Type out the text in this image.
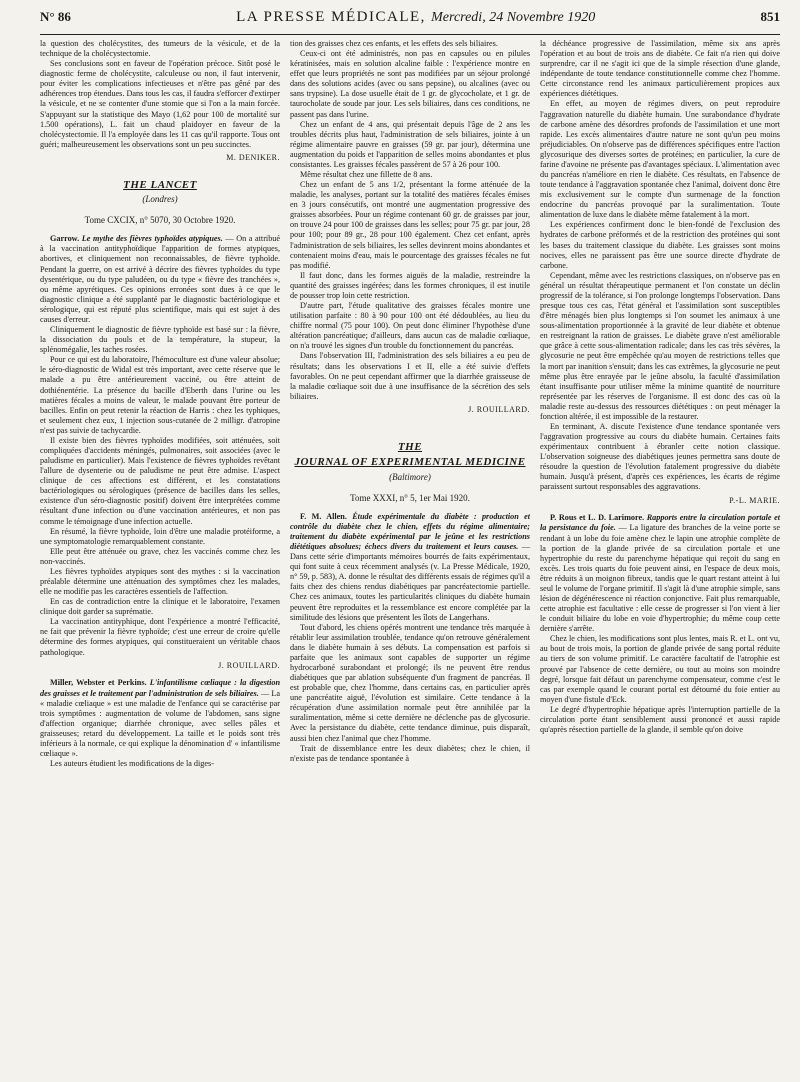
N° 86	LA PRESSE MÉDICALE, Mercredi, 24 Novembre 1920	851

la question des cholécystites, des tumeurs de la vésicule, et de la technique de la cholécystectomie.

Ses conclusions sont en faveur de l'opération précoce. Sitôt posé le diagnostic ferme de cholécystite, calculeuse ou non, il faut intervenir, pour éviter les complications infectieuses et n'être pas gêné par des adhérences trop étendues. Dans tous les cas, il faudra s'efforcer d'extirper la vésicule, et ne se contenter d'une stomie que si l'on a la main forcée. S'appuyant sur la statistique des Mayo (1,62 pour 100 de mortalité sur 1.500 opérations), L. fait un chaud plaidoyer en faveur de la cholécystectomie. Il l'a employée dans les 11 cas qu'il rapporte. Tous ont guéri; malheureusement les observations sont un peu succinctes.

M. DENIKER.
THE LANCET
(Londres)
Tome CXCIX, n° 5070, 30 Octobre 1920.

Garrow. Le mythe des fièvres typhoïdes atypiques. — On a attribué à la vaccination antityphoïdique l'apparition de formes atypiques, abortives, et cliniquement non reconnaissables, de fièvre typhoïde. Pendant la guerre, on est arrivé à décrire des fièvres typhoïdes du type dysentérique, ou du type paludéen, ou du type « fièvre des tranchées », ou même apyrétiques. Ces opinions erronées sont dues à ce que le diagnostic clinique a été supplanté par le diagnostic bactériologique et sérologique, qui est réputé plus scientifique, mais qui est sujet à des causes d'erreur.

Cliniquement le diagnostic de fièvre typhoïde est basé sur : la fièvre, la dissociation du pouls et de la température, la stupeur, la splénomégalie, les taches rosées.

Pour ce qui est du laboratoire, l'hémoculture est d'une valeur absolue; le séro-diagnostic de Widal est très important, avec cette réserve que le malade a pu être antérieurement vacciné, ou être atteint de dothiénentérie. La présence du bacille d'Eberth dans l'urine ou les matières fécales a moins de valeur, le malade pouvant être porteur de bacilles. Enfin on peut retenir la réaction de Harris : chez les typhiques, et seulement chez eux, 1 injection sous-cutanée de 2 milligr. d'atropine n'est pas suivie de tachycardie.

Il existe bien des fièvres typhoïdes modifiées, soit atténuées, soit compliquées d'accidents méningés, pulmonaires, soit associées (avec le paludisme en particulier). Mais l'existence de fièvres typhoïdes revêtant l'allure de dysenterie ou de paludisme ne peut être admise. L'aspect clinique de ces affections est différent, et les constatations bactériologiques ou sérologiques (présence de bacilles dans les selles, existence d'un séro-diagnostic positif) doivent être interprétées comme résultant d'une infection ou d'une vaccination antérieures, et non pas comme le témoignage d'une infection actuelle.

En résumé, la fièvre typhoïde, loin d'être une maladie protéiforme, a une symptomatologie remarquablement constante.

Elle peut être atténuée ou grave, chez les vaccinés comme chez les non-vaccinés.

Les fièvres typhoïdes atypiques sont des mythes : si la vaccination préalable détermine une atténuation des symptômes chez les malades, elle ne modifie pas les caractères essentiels de l'affection.

En cas de contradiction entre la clinique et le laboratoire, l'examen clinique doit garder sa suprématie.

La vaccination antityphique, dont l'expérience a montré l'efficacité, ne fait que prévenir la fièvre typhoïde; c'est une erreur de croire qu'elle détermine des formes atypiques, qui constitueraient un véritable chaos pathologique.

J. ROUILLARD.

Miller, Webster et Perkins. L'infantilisme cœliaque : la digestion des graisses et le traitement par l'administration de sels biliaires. — La « maladie cœliaque » est une maladie de l'enfance qui se caractérise par trois symptômes : augmentation de volume de l'abdomen, sans signe d'affection organique; diarrhée chronique, avec selles pâles et graisseuses; retard du développement. La taille et le poids sont très inférieurs à la normale, ce qui explique la dénomination d' « infantilisme cœliaque ».

Les auteurs étudient les modifications de la diges-

tion des graisses chez ces enfants, et les effets des sels biliaires.

Ceux-ci ont été administrés, non pas en capsules ou en pilules kératinisées, mais en solution alcaline faible : l'expérience montre en effet que leurs propriétés ne sont pas modifiées par un séjour prolongé dans des solutions acides (avec ou sans pepsine), ou alcalines (avec ou sans trypsine). La dose usuelle était de 1 gr. de glycocholate, et 1 gr. de taurocholate de soude par jour. Les sels biliaires, dans ces conditions, ne passent pas dans l'urine.

Chez un enfant de 4 ans, qui présentait depuis l'âge de 2 ans les troubles décrits plus haut, l'administration de sels biliaires, jointe à un régime alimentaire pauvre en graisses (59 gr. par jour), détermina une augmentation du poids et l'apparition de selles moins abondantes et plus consistantes. Les graisses fécales passèrent de 57 à 26 pour 100.

Même résultat chez une fillette de 8 ans.

Chez un enfant de 5 ans 1/2, présentant la forme atténuée de la maladie, les analyses, portant sur la totalité des matières fécales émises en 3 jours consécutifs, ont montré une augmentation progressive des graisses absorbées. Pour un régime contenant 60 gr. de graisses par jour, on trouve 24 pour 100 de graisses dans les selles; pour 75 gr. par jour, 28 pour 100; pour 89 gr., 28 pour 100 également. Chez cet enfant, après l'administration de sels biliaires, les selles devinrent moins abondantes et contenaient moins d'eau, mais le pourcentage des graisses fécales ne fut pas modifié.

Il faut donc, dans les formes aiguës de la maladie, restreindre la quantité des graisses ingérées; dans les formes chroniques, il est inutile de pousser trop loin cette restriction.

D'autre part, l'étude qualitative des graisses fécales montre une utilisation parfaite : 80 à 90 pour 100 ont été dédoublées, au lieu du chiffre normal (75 pour 100). On peut donc éliminer l'hypothèse d'une altération pancréatique; d'ailleurs, dans aucun cas de maladie cœliaque, on n'a trouvé les signes d'un trouble du fonctionnement du pancréas.

Dans l'observation III, l'administration des sels biliaires a eu peu de résultats; dans les observations I et II, elle a été suivie d'effets favorables. On ne peut cependant affirmer que la diarrhée graisseuse de la maladie cœliaque soit due à une insuffisance de la sécrétion des sels biliaires.

J. ROUILLARD.
THE
JOURNAL OF EXPERIMENTAL MEDICINE
(Baltimore)
Tome XXXI, n° 5, 1er Mai 1920.

F. M. Allen. Étude expérimentale du diabète : production et contrôle du diabète chez le chien, effets du régime alimentaire; traitement du diabète expérimental par le jeûne et les restrictions diététiques absolues; échecs divers du traitement et leurs causes. — Dans cette série d'importants mémoires bourrés de faits expérimentaux, qui font suite à ceux récemment analysés (v. La Presse Médicale, 1920, n° 59, p. 583), A. donne le résultat des différents essais de régimes qu'il a faits chez des chiens rendus diabétiques par pancréatectomie partielle. Chez ces animaux, toutes les particularités cliniques du diabète humain peuvent être reproduites et la ressemblance est encore complétée par la similitude des lésions que présentent les îlots de Langerhans.

Tout d'abord, les chiens opérés montrent une tendance très marquée à rétablir leur assimilation troublée, tendance qu'on retrouve généralement dans le diabète humain à ses débuts. La compensation est parfois si parfaite que les animaux sont capables de supporter un régime hydrocarboné surabondant et prolongé; ils ne peuvent être rendus diabétiques que par ablation subséquente d'un fragment de pancréas. Il est probable que, chez l'homme, dans certains cas, en particulier après une pancréatite aiguë, l'évolution est similaire. Cette tendance à la récupération d'une assimilation normale peut être annihilée par la suralimentation, même si cette dernière ne déclenche pas de glycosurie. Avec la persistance du diabète, cette tendance diminue, puis disparaît, aussi bien chez l'animal que chez l'homme.

Trait de dissemblance entre les deux diabètes; chez le chien, il n'existe pas de tendance spontanée à

la déchéance progressive de l'assimilation, même six ans après l'opération et au bout de trois ans de diabète. Ce fait n'a rien qui doive surprendre, car il ne s'agit ici que de la simple résection d'une glande, indépendante de toute tendance constitutionnelle comme chez l'homme. Cette circonstance rend les animaux particulièrement propices aux expériences diététiques.

En effet, au moyen de régimes divers, on peut reproduire l'aggravation naturelle du diabète humain. Une surabondance d'hydrate de carbone amène des désordres profonds de l'assimilation et une mort rapide. Les excès alimentaires d'autre nature ne sont qu'un peu moins préjudiciables. On n'observe pas de différences spécifiques entre l'action glycosurique des diverses sortes de protéines; en particulier, la cure de farine d'avoine ne présente pas d'avantages spéciaux. L'alimentation avec du pancréas n'améliore en rien le diabète. Ces résultats, en l'absence de toute tendance à l'aggravation spontanée chez l'animal, doivent donc être mis exclusivement sur le compte d'un surmenage de la fonction endocrine du pancréas provoqué par la suralimentation. Toute alimentation de luxe dans le diabète même fatalement à la mort.

Les expériences confirment donc le bien-fondé de l'exclusion des hydrates de carbone préformés et de la restriction des protéines qui sont les bases du traitement classique du diabète. Les graisses sont moins nocives, elles ne paraissent pas être une source directe d'hydrate de carbone.

Cependant, même avec les restrictions classiques, on n'observe pas en général un résultat thérapeutique permanent et l'on constate un déclin progressif de la tolérance, si l'on prolonge longtemps l'observation. Dans presque tous ces cas, l'état général et l'assimilation sont susceptibles d'être ménagés bien plus longtemps si l'on soumet les animaux à une sous-alimentation proportionnée à la gravité de leur diabète et obtenue en restreignant la ration de graisses. Le diabète grave n'est améliorable que grâce à cette sous-alimentation radicale; dans les cas très sévères, la glycosurie ne peut être empêchée qu'au moyen de restrictions telles que la mort par inanition s'ensuit; dans les cas extrêmes, la glycosurie ne peut même plus être enrayée par le jeûne absolu, la faculté d'assimilation étant insuffisante pour utiliser même la minime quantité de nourriture représentée par les réserves de l'organisme. Il est donc des cas où la maladie reste au-dessus des ressources diététiques : on peut ménager la fonction altérée, il est impossible de la restaurer.

En terminant, A. discute l'existence d'une tendance spontanée vers l'aggravation progressive au cours du diabète humain. Certaines faits expérimentaux contribuent à ébranler cette notion classique. L'observation soigneuse des diabétiques jeunes permettra sans doute de résoudre la question de l'évolution fatalement progressive du diabète humain. Jusqu'à présent, d'après ces expériences, les écarts de régime paraissent surtout responsables des aggravations.

P.-L. MARIE.

P. Rous et L. D. Larimore. Rapports entre la circulation portale et la persistance du foie. — La ligature des branches de la veine porte se rendant à un lobe du foie amène chez le lapin une atrophie complète de la portion de la glande privée de sa circulation portale et une hypertrophie du reste du parenchyme hépatique qui reçoit du sang en excès. Les trois quarts du foie peuvent ainsi, en l'espace de deux mois, être réduits à un moignon fibreux, tandis que le quart restant atteint à lui seul le volume de l'organe primitif. Il s'agit là d'une atrophie simple, sans lésion de dégénérescence ni réaction conjonctive. Fait plus remarquable, cette atrophie est facultative : elle cesse de progresser si l'on vient à lier le conduit biliaire du lobe en voie d'hypertrophie; du même coup cette dernière s'arrête.

Chez le chien, les modifications sont plus lentes, mais R. et L. ont vu, au bout de trois mois, la portion de glande privée de sang portal réduite au tiers de son volume primitif. Le caractère facultatif de l'atrophie est prouvé par l'absence de cette dernière, ou tout au moins son moindre degré, lorsque fait défaut un parenchyme compensateur, comme c'est le cas par exemple quand le courant portal est détourné du foie entier au moyen d'une fistule d'Eck.

Le degré d'hypertrophie hépatique après l'interruption partielle de la circulation porte étant sensiblement aussi prononcé et aussi rapide qu'après résection partielle de la glande, il semble qu'on doive
